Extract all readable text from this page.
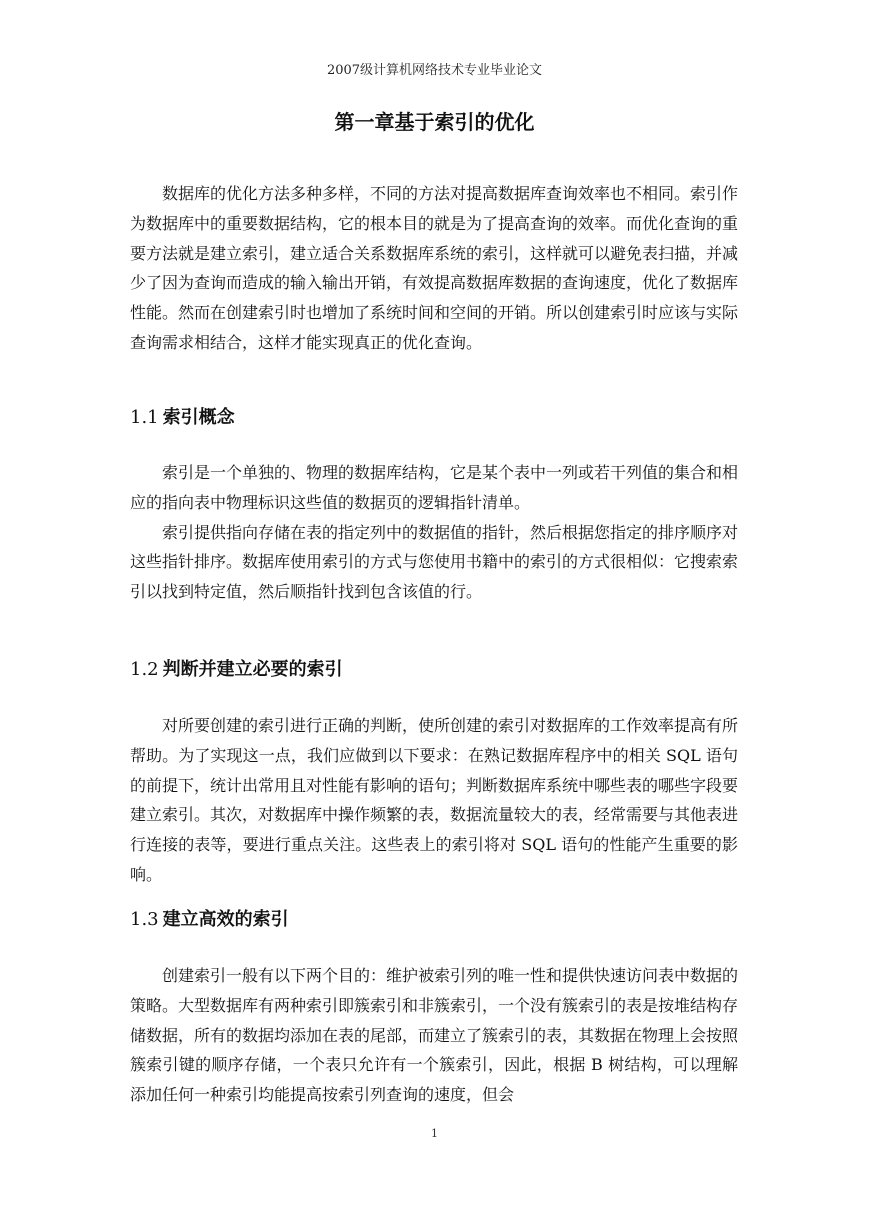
2007级计算机网络技术专业毕业论文
第一章基于索引的优化

数据库的优化方法多种多样，不同的方法对提高数据库查询效率也不相同。索引作为数据库中的重要数据结构，它的根本目的就是为了提高查询的效率。而优化查询的重要方法就是建立索引，建立适合关系数据库系统的索引，这样就可以避免表扫描，并减少了因为查询而造成的输入输出开销，有效提高数据库数据的查询速度，优化了数据库性能。然而在创建索引时也增加了系统时间和空间的开销。所以创建索引时应该与实际查询需求相结合，这样才能实现真正的优化查询。

1.1 索引概念

索引是一个单独的、物理的数据库结构，它是某个表中一列或若干列值的集合和相应的指向表中物理标识这些值的数据页的逻辑指针清单。

索引提供指向存储在表的指定列中的数据值的指针，然后根据您指定的排序顺序对这些指针排序。数据库使用索引的方式与您使用书籍中的索引的方式很相似：它搜索索引以找到特定值，然后顺指针找到包含该值的行。

1.2 判断并建立必要的索引

对所要创建的索引进行正确的判断，使所创建的索引对数据库的工作效率提高有所帮助。为了实现这一点，我们应做到以下要求：在熟记数据库程序中的相关 SQL 语句的前提下，统计出常用且对性能有影响的语句；判断数据库系统中哪些表的哪些字段要建立索引。其次，对数据库中操作频繁的表，数据流量较大的表，经常需要与其他表进行连接的表等，要进行重点关注。这些表上的索引将对 SQL 语句的性能产生重要的影响。

1.3 建立高效的索引

创建索引一般有以下两个目的：维护被索引列的唯一性和提供快速访问表中数据的策略。大型数据库有两种索引即簇索引和非簇索引，一个没有簇索引的表是按堆结构存储数据，所有的数据均添加在表的尾部，而建立了簇索引的表，其数据在物理上会按照簇索引键的顺序存储，一个表只允许有一个簇索引，因此，根据 B 树结构，可以理解添加任何一种索引均能提高按索引列查询的速度，但会

1
